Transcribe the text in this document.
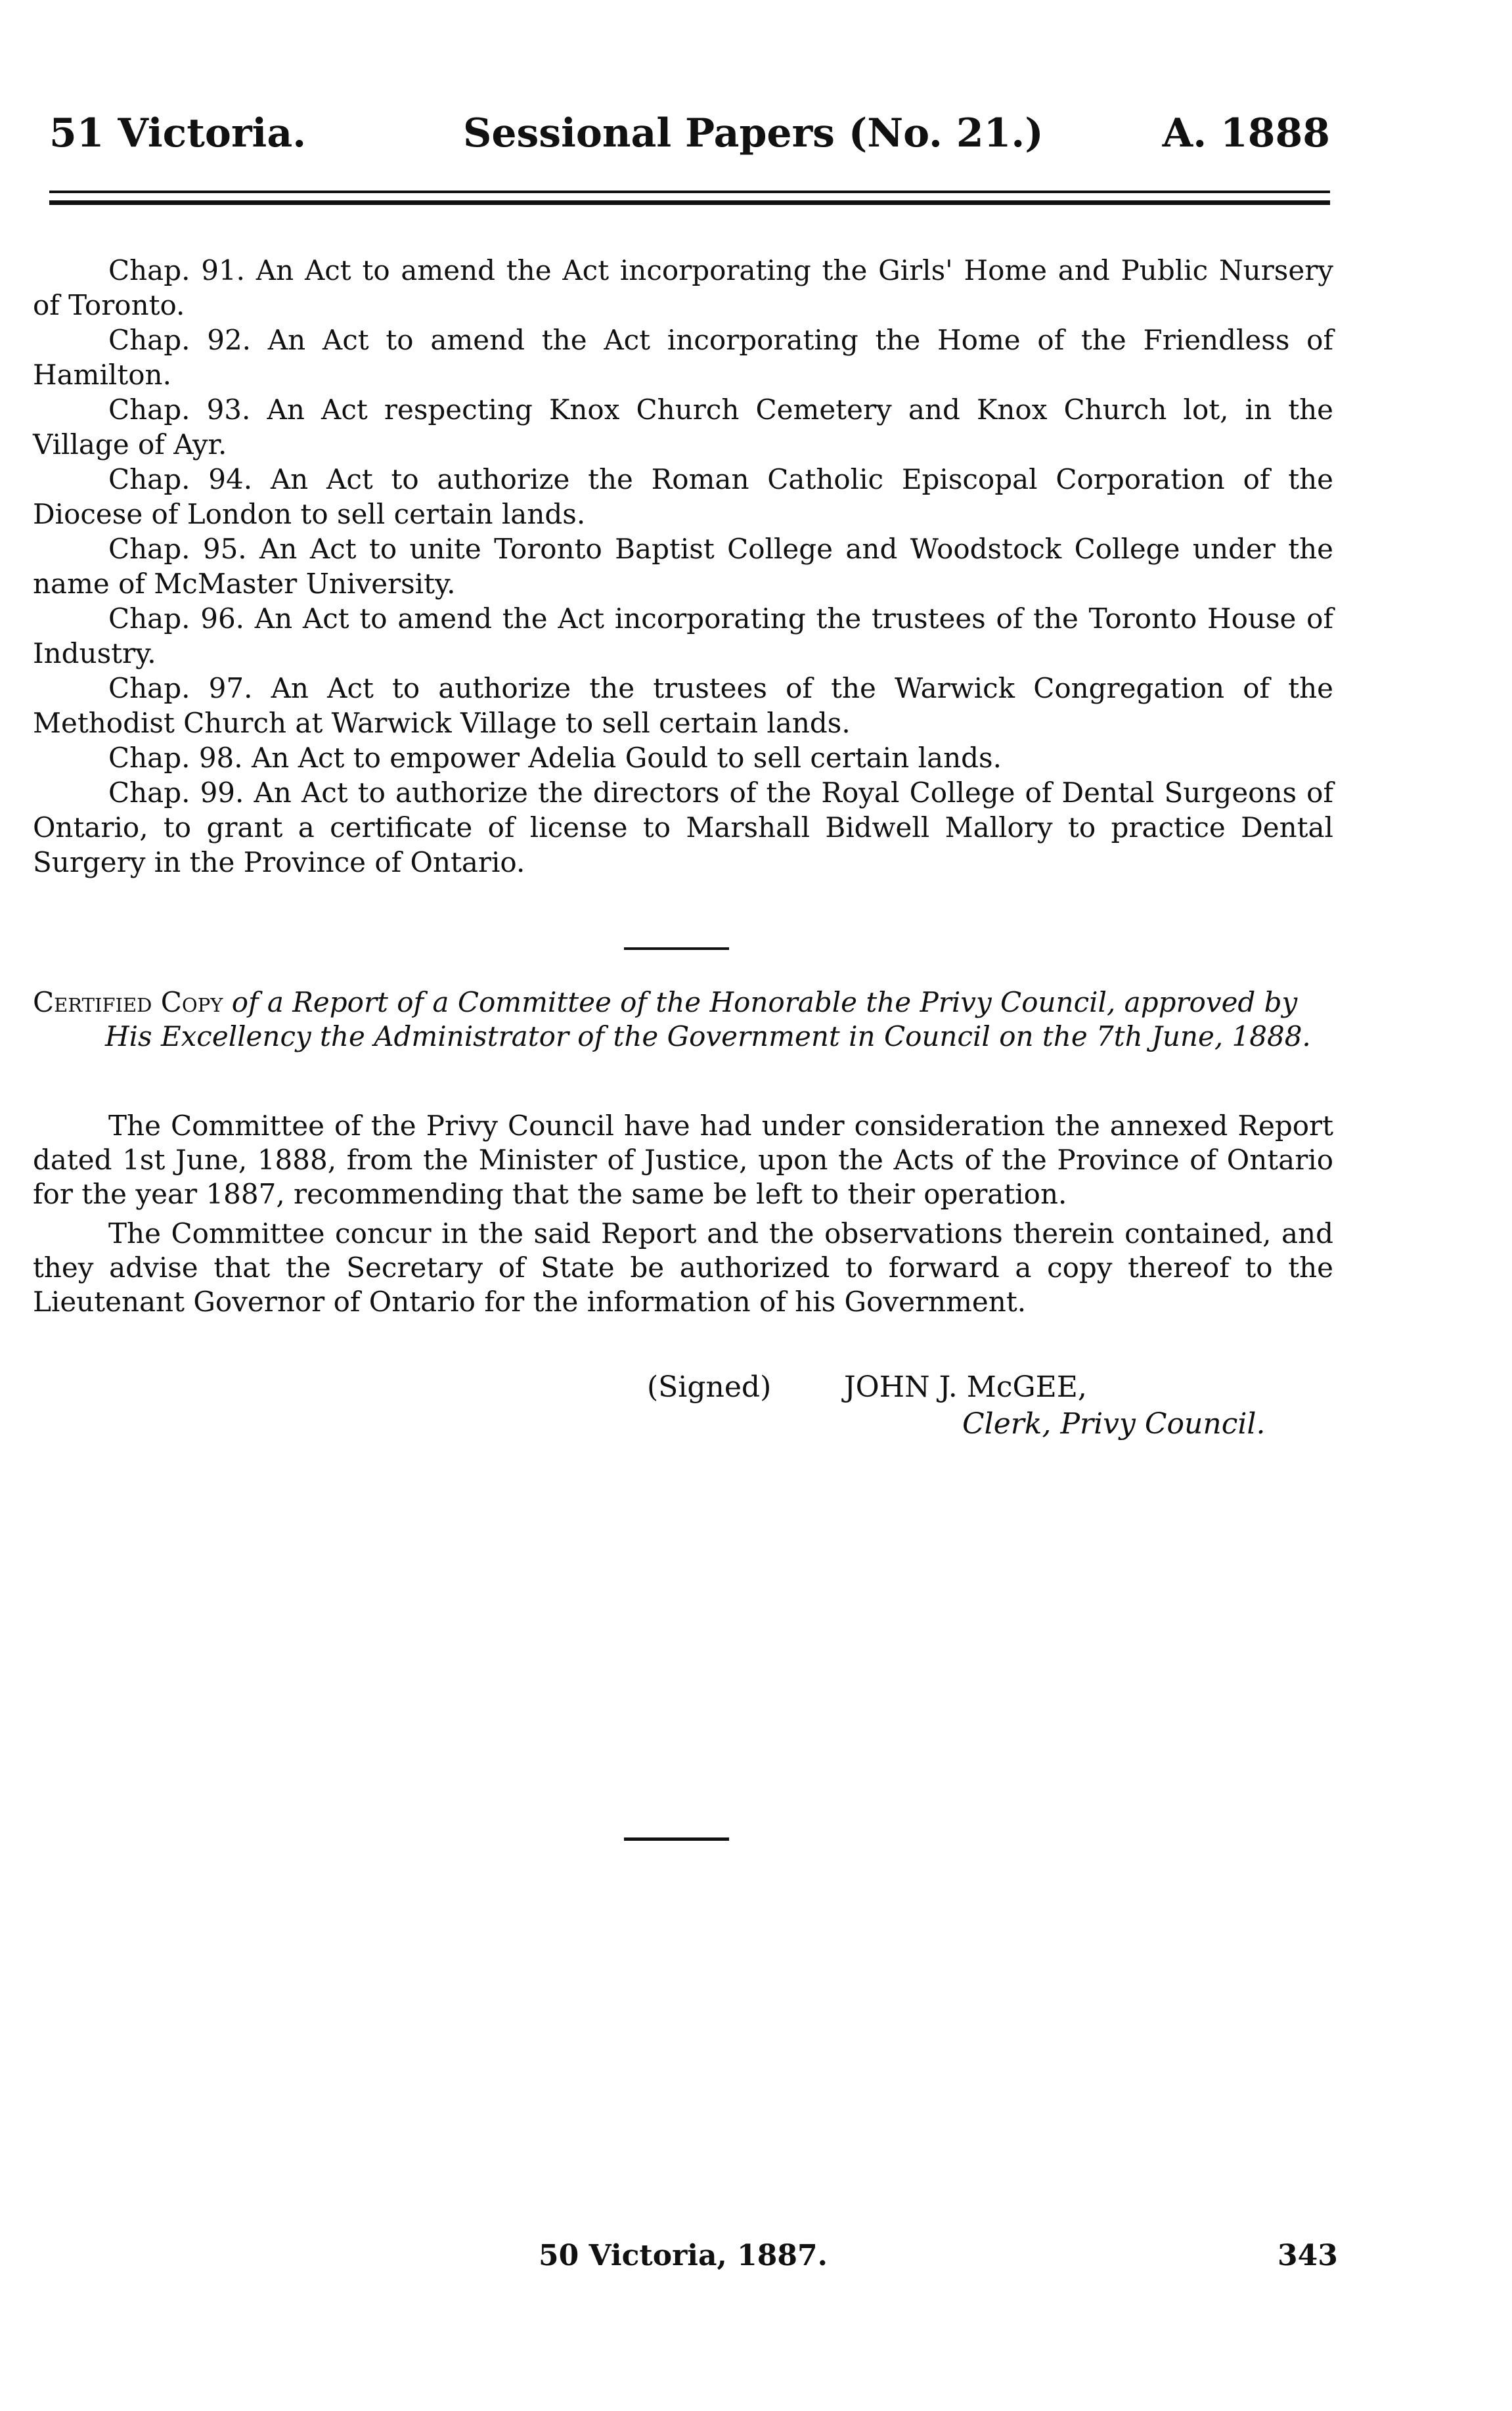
51 Victoria.	Sessional Papers (No. 21.)	A. 1888

Chap. 91. An Act to amend the Act incorporating the Girls' Home and Public Nursery of Toronto.

Chap. 92. An Act to amend the Act incorporating the Home of the Friendless of Hamilton.

Chap. 93. An Act respecting Knox Church Cemetery and Knox Church lot, in the Village of Ayr.

Chap. 94. An Act to authorize the Roman Catholic Episcopal Corporation of the Diocese of London to sell certain lands.

Chap. 95. An Act to unite Toronto Baptist College and Woodstock College under the name of McMaster University.

Chap. 96. An Act to amend the Act incorporating the trustees of the Toronto House of Industry.

Chap. 97. An Act to authorize the trustees of the Warwick Congregation of the Methodist Church at Warwick Village to sell certain lands.

Chap. 98. An Act to empower Adelia Gould to sell certain lands.

Chap. 99. An Act to authorize the directors of the Royal College of Dental Surgeons of Ontario, to grant a certificate of license to Marshall Bidwell Mallory to practice Dental Surgery in the Province of Ontario.

Certified Copy of a Report of a Committee of the Honorable the Privy Council, approved by His Excellency the Administrator of the Government in Council on the 7th June, 1888.

The Committee of the Privy Council have had under consideration the annexed Report dated 1st June, 1888, from the Minister of Justice, upon the Acts of the Province of Ontario for the year 1887, recommending that the same be left to their operation.

The Committee concur in the said Report and the observations therein contained, and they advise that the Secretary of State be authorized to forward a copy thereof to the Lieutenant Governor of Ontario for the information of his Government.

(Signed)	JOHN J. McGEE,
Clerk, Privy Council.
50 Victoria, 1887.	343
